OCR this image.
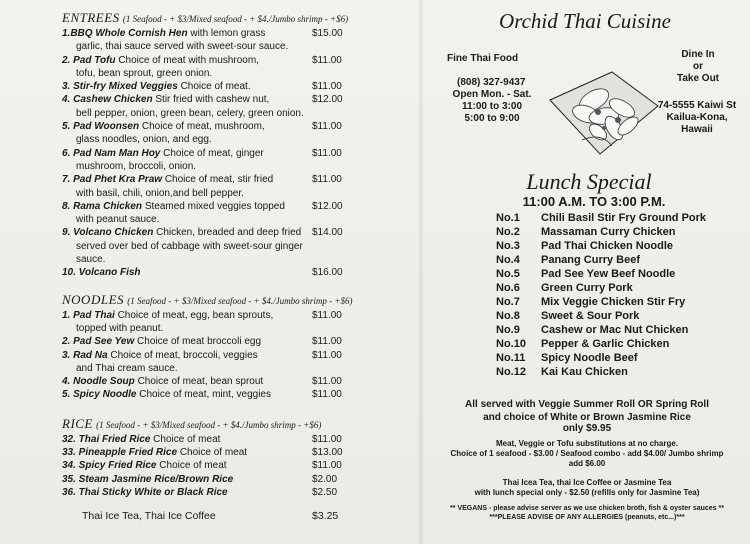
ENTREES (1 Seafood - + $3/Mixed seafood - + $4./Jumbo shrimp - +$6)
1.BBQ Whole Cornish Hen with lemon grass	$15.00
garlic, thai sauce served with sweet-sour sauce.
2. Pad Tofu Choice of meat with mushroom,	$11.00
tofu, bean sprout, green onion.
3. Stir-fry Mixed Veggies Choice of meat.	$11.00
4. Cashew Chicken Stir fried with cashew nut,	$12.00
bell pepper, onion, green bean, celery, green onion.
5. Pad Woonsen Choice of meat, mushroom,	$11.00
glass noodles, onion, and egg.
6. Pad Nam Man Hoy Choice of meat, ginger	$11.00
mushroom, broccoli, onion.
7. Pad Phet Kra Praw Choice of meat, stir fried	$11.00
with basil, chili, onion,and bell pepper.
8. Rama Chicken Steamed mixed veggies topped	$12.00
with peanut sauce.
9. Volcano Chicken Chicken, breaded and deep fried $14.00
served over bed of cabbage with sweet-sour ginger sauce.
10. Volcano Fish	$16.00
NOODLES (1 Seafood - + $3/Mixed seafood - + $4./Jumbo shrimp - +$6)
1. Pad Thai Choice of meat, egg, bean sprouts,	$11.00
topped with peanut.
2. Pad See Yew Choice of meat broccoli egg	$11.00
3. Rad Na Choice of meat, broccoli, veggies	$11.00
and Thai cream sauce.
4. Noodle Soup Choice of meat, bean sprout	$11.00
5. Spicy Noodle Choice of meat, mint, veggies	$11.00
RICE (1 Seafood - + $3/Mixed seafood - + $4./Jumbo shrimp - +$6)
32. Thai Fried Rice Choice of meat	$11.00
33. Pineapple Fried Rice Choice of meat	$13.00
34. Spicy Fried Rice Choice of meat	$11.00
35. Steam Jasmine Rice/Brown Rice	$2.00
36. Thai Sticky White or Black Rice	$2.50
Thai Ice Tea, Thai Ice Coffee	$3.25
Orchid Thai Cuisine
Fine Thai Food
(808) 327-9437
Open Mon. - Sat.
11:00 to 3:00
5:00 to 9:00
Dine In
or
Take Out
74-5555 Kaiwi St
Kailua-Kona, Hawaii
Lunch Special
11:00 A.M. TO 3:00 P.M.
No.1 Chili Basil Stir Fry Ground Pork
No.2 Massaman Curry Chicken
No.3 Pad Thai Chicken Noodle
No.4 Panang Curry Beef
No.5 Pad See Yew Beef Noodle
No.6 Green Curry Pork
No.7 Mix Veggie Chicken Stir Fry
No.8 Sweet & Sour Pork
No.9 Cashew or Mac Nut Chicken
No.10 Pepper & Garlic Chicken
No.11 Spicy Noodle Beef
No.12 Kai Kau Chicken
All served with Veggie Summer Roll OR Spring Roll
and choice of White or Brown Jasmine Rice
only $9.95
Meat, Veggie or Tofu substitutions at no charge.
Choice of 1 seafood - $3.00 / Seafood combo - add $4.00/ Jumbo shrimp
add $6.00
Thai Icea Tea, thai Ice Coffee or Jasmine Tea
with lunch special only - $2.50 (refills only for Jasmine Tea)
** VEGANS - please advise server as we use chicken broth, fish & oyster sauces **
***PLEASE ADVISE OF ANY ALLERGIES (peanuts, etc...)***
